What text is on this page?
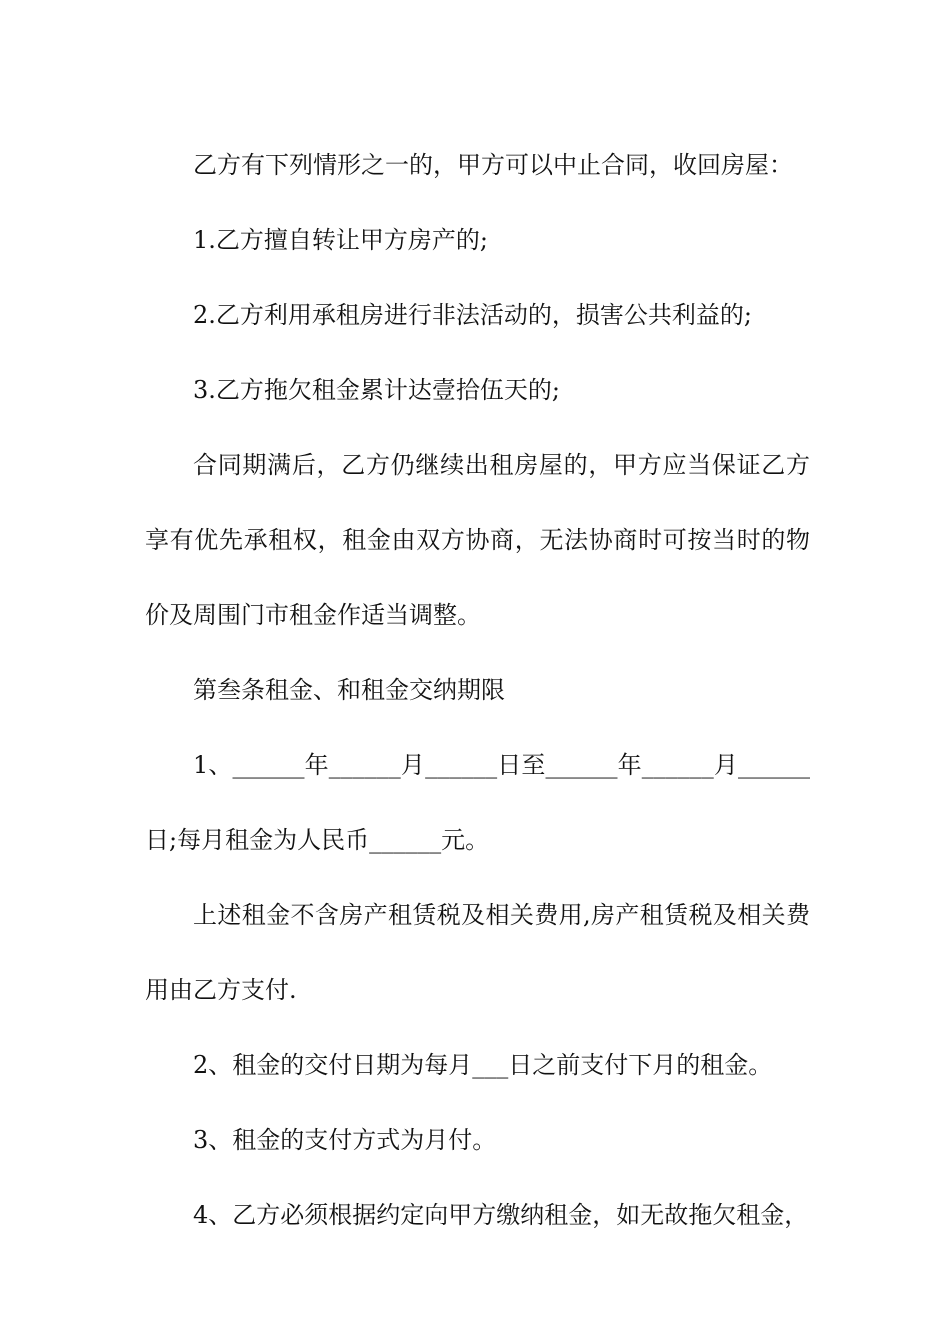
乙方有下列情形之一的，甲方可以中止合同，收回房屋：

1.乙方擅自转让甲方房产的;

2.乙方利用承租房进行非法活动的，损害公共利益的;

3.乙方拖欠租金累计达壹拾伍天的;

合同期满后，乙方仍继续出租房屋的，甲方应当保证乙方享有优先承租权，租金由双方协商，无法协商时可按当时的物价及周围门市租金作适当调整。

第叁条租金、和租金交纳期限

1、______年______月______日至______年______月______日;每月租金为人民币______元。

上述租金不含房产租赁税及相关费用,房产租赁税及相关费用由乙方支付.

2、租金的交付日期为每月___日之前支付下月的租金。

3、租金的支付方式为月付。

4、乙方必须根据约定向甲方缴纳租金，如无故拖欠租金，
